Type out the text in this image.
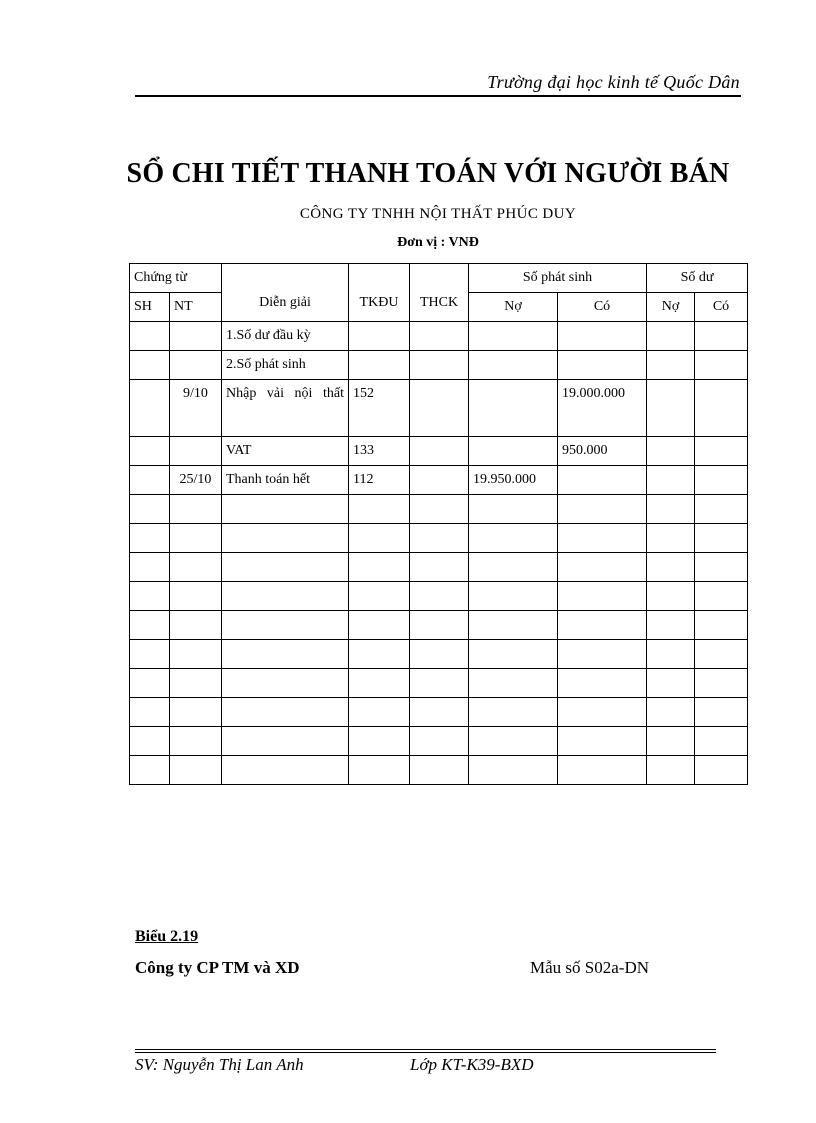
Trường đại học kinh tế Quốc Dân
SỔ CHI TIẾT THANH TOÁN VỚI NGƯỜI BÁN
CÔNG TY TNHH NỘI THẤT PHÚC DUY
Đơn vị : VNĐ
Chứng từ		Diễn giải	TKĐU	THCK	Số phát sinh		Số dư	
SH	NT				Nợ	Có	Nợ	Có
		1.Số dư đầu kỳ						
		2.Số phát sinh						
	9/10	Nhập vải nội thất	152			19.000.000		
		VAT	133			950.000		
	25/10	Thanh toán hết	112		19.950.000			

Biểu 2.19
Công ty CP TM và XD	Mẫu số S02a-DN
SV: Nguyễn Thị Lan Anh	Lớp KT-K39-BXD
